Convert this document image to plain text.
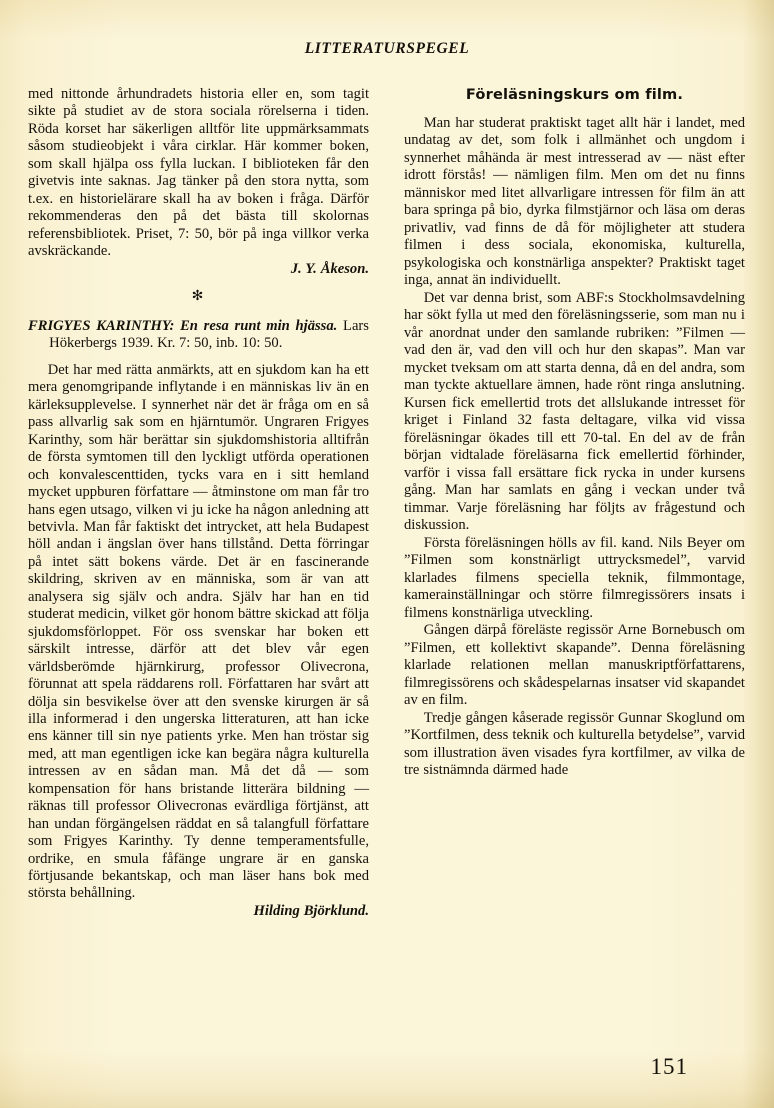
LITTERATURSPEGEL

med nittonde århundradets historia eller en, som tagit sikte på studiet av de stora sociala rörelserna i tiden. Röda korset har säkerligen alltför lite uppmärksammats såsom studieobjekt i våra cirklar. Här kommer boken, som skall hjälpa oss fylla luckan. I biblioteken får den givetvis inte saknas. Jag tänker på den stora nytta, som t.ex. en historielärare skall ha av boken i fråga. Därför rekommenderas den på det bästa till skolornas referensbibliotek. Priset, 7: 50, bör på inga villkor verka avskräckande.

J. Y. Åkeson.
✻
FRIGYES KARINTHY: En resa runt min hjässa. Lars Hökerbergs 1939. Kr. 7: 50, inb. 10: 50.

Det har med rätta anmärkts, att en sjukdom kan ha ett mera genomgripande inflytande i en människas liv än en kärleksupplevelse. I synnerhet när det är fråga om en så pass allvarlig sak som en hjärntumör. Ungraren Frigyes Karinthy, som här berättar sin sjukdomshistoria alltifrån de första symtomen till den lyckligt utförda operationen och konvalescenttiden, tycks vara en i sitt hemland mycket uppburen författare — åtminstone om man får tro hans egen utsago, vilken vi ju icke ha någon anledning att betvivla. Man får faktiskt det intrycket, att hela Budapest höll andan i ängslan över hans tillstånd. Detta förringar på intet sätt bokens värde. Det är en fascinerande skildring, skriven av en människa, som är van att analysera sig själv och andra. Själv har han en tid studerat medicin, vilket gör honom bättre skickad att följa sjukdomsförloppet. För oss svenskar har boken ett särskilt intresse, därför att det blev vår egen världsberömde hjärnkirurg, professor Olivecrona, förunnat att spela räddarens roll. Författaren har svårt att dölja sin besvikelse över att den svenske kirurgen är så illa informerad i den ungerska litteraturen, att han icke ens känner till sin nye patients yrke. Men han tröstar sig med, att man egentligen icke kan begära några kulturella intressen av en sådan man. Må det då — som kompensation för hans bristande litterära bildning — räknas till professor Olivecronas evärdliga förtjänst, att han undan förgängelsen räddat en så talangfull författare som Frigyes Karinthy. Ty denne temperamentsfulle, ordrike, en smula fåfänge ungrare är en ganska förtjusande bekantskap, och man läser hans bok med största behållning.

Hilding Björklund.
Föreläsningskurs om film.

Man har studerat praktiskt taget allt här i landet, med undatag av det, som folk i allmänhet och ungdom i synnerhet måhända är mest intresserad av — näst efter idrott förstås! — nämligen film. Men om det nu finns människor med litet allvarligare intressen för film än att bara springa på bio, dyrka filmstjärnor och läsa om deras privatliv, vad finns de då för möjligheter att studera filmen i dess sociala, ekonomiska, kulturella, psykologiska och konstnärliga anspekter? Praktiskt taget inga, annat än individuellt.

Det var denna brist, som ABF:s Stockholmsavdelning har sökt fylla ut med den föreläsningsserie, som man nu i vår anordnat under den samlande rubriken: ”Filmen — vad den är, vad den vill och hur den skapas”. Man var mycket tveksam om att starta denna, då en del andra, som man tyckte aktuellare ämnen, hade rönt ringa anslutning. Kursen fick emellertid trots det allslukande intresset för kriget i Finland 32 fasta deltagare, vilka vid vissa föreläsningar ökades till ett 70-tal. En del av de från början vidtalade föreläsarna fick emellertid förhinder, varför i vissa fall ersättare fick rycka in under kursens gång. Man har samlats en gång i veckan under två timmar. Varje föreläsning har följts av frågestund och diskussion.

Första föreläsningen hölls av fil. kand. Nils Beyer om ”Filmen som konstnärligt uttrycksmedel”, varvid klarlades filmens speciella teknik, filmmontage, kamerainställningar och större filmregissörers insats i filmens konstnärliga utveckling.

Gången därpå föreläste regissör Arne Bornebusch om ”Filmen, ett kollektivt skapande”. Denna föreläsning klarlade relationen mellan manuskriptförfattarens, filmregissörens och skådespelarnas insatser vid skapandet av en film.

Tredje gången kåserade regissör Gunnar Skoglund om ”Kortfilmen, dess teknik och kulturella betydelse”, varvid som illustration även visades fyra kortfilmer, av vilka de tre sistnämnda därmed hade

151
